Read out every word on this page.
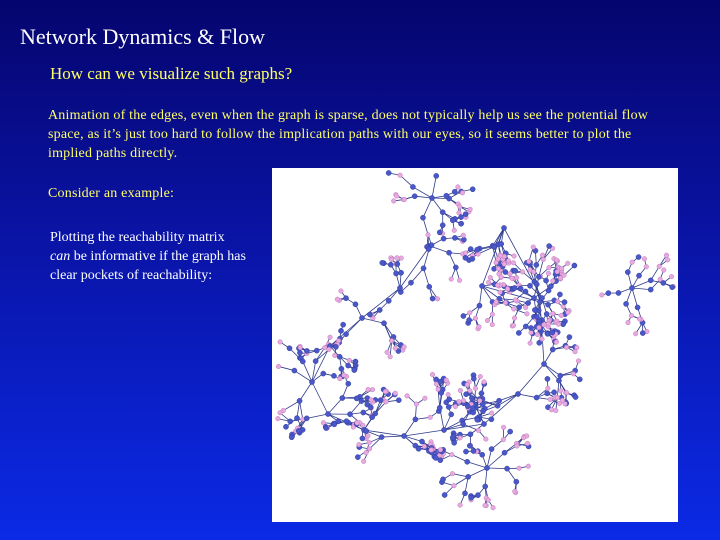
Network Dynamics & Flow
How can we visualize such graphs?
Animation of the edges, even when the graph is sparse, does not typically help us see the potential flow space, as it’s just too hard to follow the implication paths with our eyes, so it seems better to plot the implied paths directly.
Consider an example:
Plotting the reachability matrix
can be informative if the graph has clear pockets of reachability:
